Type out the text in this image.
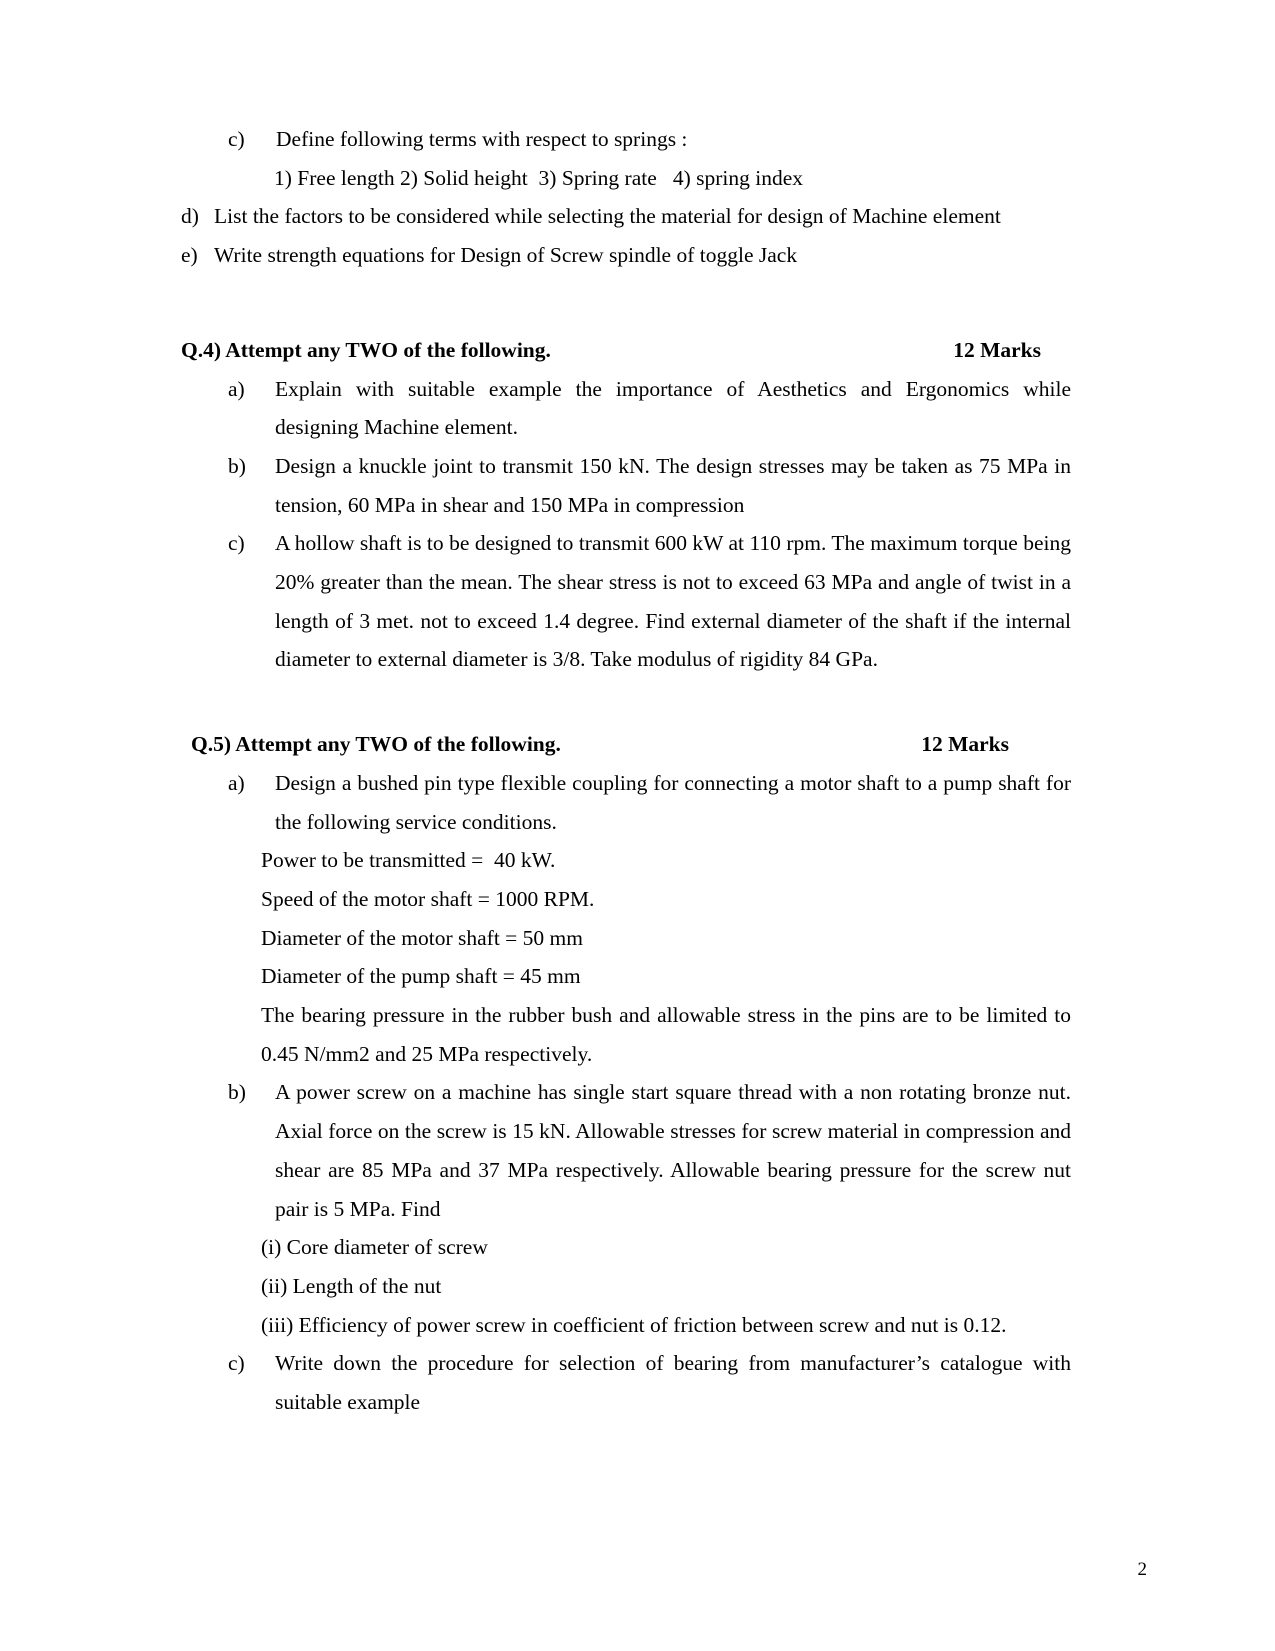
c)	Define following terms with respect to springs :
1) Free length 2) Solid height  3) Spring rate   4) spring index
d) List the factors to be considered while selecting the material for design of Machine element
e) Write strength equations for Design of Screw spindle of toggle Jack
Q.4) Attempt any TWO of the following.	12 Marks
a)	Explain with suitable example the importance of Aesthetics and Ergonomics while designing Machine element.
b)	Design a knuckle joint to transmit 150 kN. The design stresses may be taken as 75 MPa in tension, 60 MPa in shear and 150 MPa in compression
c)	A hollow shaft is to be designed to transmit 600 kW at 110 rpm. The maximum torque being 20% greater than the mean. The shear stress is not to exceed 63 MPa and angle of twist in a length of 3 met. not to exceed 1.4 degree. Find external diameter of the shaft if the internal diameter to external diameter is 3/8. Take modulus of rigidity 84 GPa.
Q.5) Attempt any TWO of the following.	12 Marks
a)	Design a bushed pin type flexible coupling for connecting a motor shaft to a pump shaft for the following service conditions.
Power to be transmitted =  40 kW.
Speed of the motor shaft = 1000 RPM.
Diameter of the motor shaft = 50 mm
Diameter of the pump shaft = 45 mm
The bearing pressure in the rubber bush and allowable stress in the pins are to be limited to 0.45 N/mm2 and 25 MPa respectively.
b)	A power screw on a machine has single start square thread with a non rotating bronze nut. Axial force on the screw is 15 kN. Allowable stresses for screw material in compression and shear are 85 MPa and 37 MPa respectively. Allowable bearing pressure for the screw nut pair is 5 MPa. Find
(i) Core diameter of screw
(ii) Length of the nut
(iii) Efficiency of power screw in coefficient of friction between screw and nut is 0.12.
c)	Write down the procedure for selection of bearing from manufacturer’s catalogue with suitable example
2
